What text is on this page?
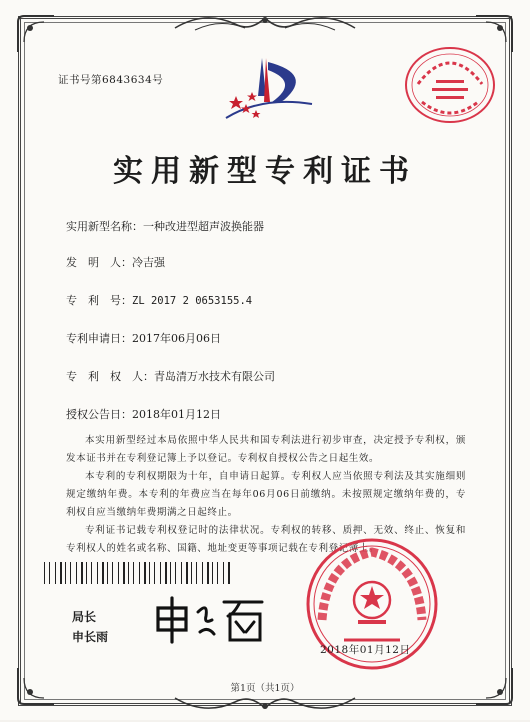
证书号第6843634号
实用新型专利证书
实用新型名称：一种改进型超声波换能器
发　明　人：冷吉强
专　利　号：ZL 2017 2 0653155.4
专利申请日：2017年06月06日
专　利　权　人：青岛清万水技术有限公司
授权公告日：2018年01月12日

本实用新型经过本局依照中华人民共和国专利法进行初步审查，决定授予专利权，颁发本证书并在专利登记簿上予以登记。专利权自授权公告之日起生效。

本专利的专利权期限为十年，自申请日起算。专利权人应当依照专利法及其实施细则规定缴纳年费。本专利的年费应当在每年06月06日前缴纳。未按照规定缴纳年费的，专利权自应当缴纳年费期满之日起终止。

专利证书记载专利权登记时的法律状况。专利权的转移、质押、无效、终止、恢复和专利权人的姓名或名称、国籍、地址变更等事项记载在专利登记簿上。

局长
申长雨
2018年01月12日
第1页（共1页）
